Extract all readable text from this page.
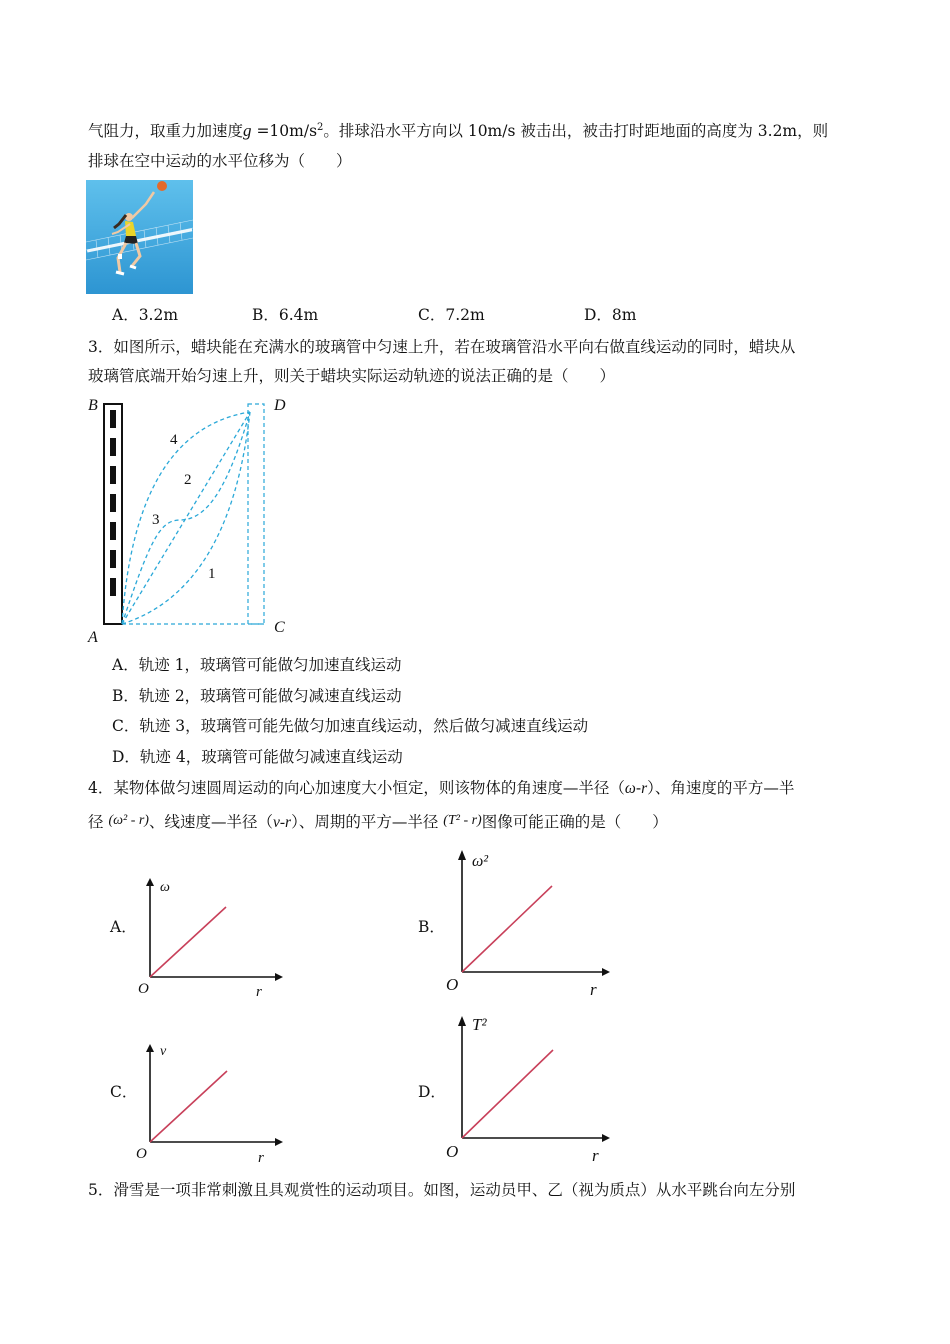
气阻力，取重力加速度$g =10m/s^2$。排球沿水平方向以 10m/s 被击出，被击打时距地面的高度为 3.2m，则
排球在空中运动的水平位移为（　　）
A．3.2m	B．6.4m	C．7.2m	D．8m
3．如图所示，蜡块能在充满水的玻璃管中匀速上升，若在玻璃管沿水平向右做直线运动的同时，蜡块从
玻璃管底端开始匀速上升，则关于蜡块实际运动轨迹的说法正确的是（　　）
4
2
3
1
B	D
A
C
A．轨迹 1，玻璃管可能做匀加速直线运动
B．轨迹 2，玻璃管可能做匀减速直线运动
C．轨迹 3，玻璃管可能先做匀加速直线运动，然后做匀减速直线运动
D．轨迹 4，玻璃管可能做匀减速直线运动
4．某物体做匀速圆周运动的向心加速度大小恒定，则该物体的角速度—半径（ω-r）、角速度的平方—半
径 (ω² - r)、线速度—半径（v-r）、周期的平方—半径 (T² - r)图像可能正确的是（　　）
A．
ω
r
O
B．
ω²
r
O
C．
v
r
O
D．
T²
r
O
5．滑雪是一项非常刺激且具观赏性的运动项目。如图，运动员甲、乙（视为质点）从水平跳台向左分别
